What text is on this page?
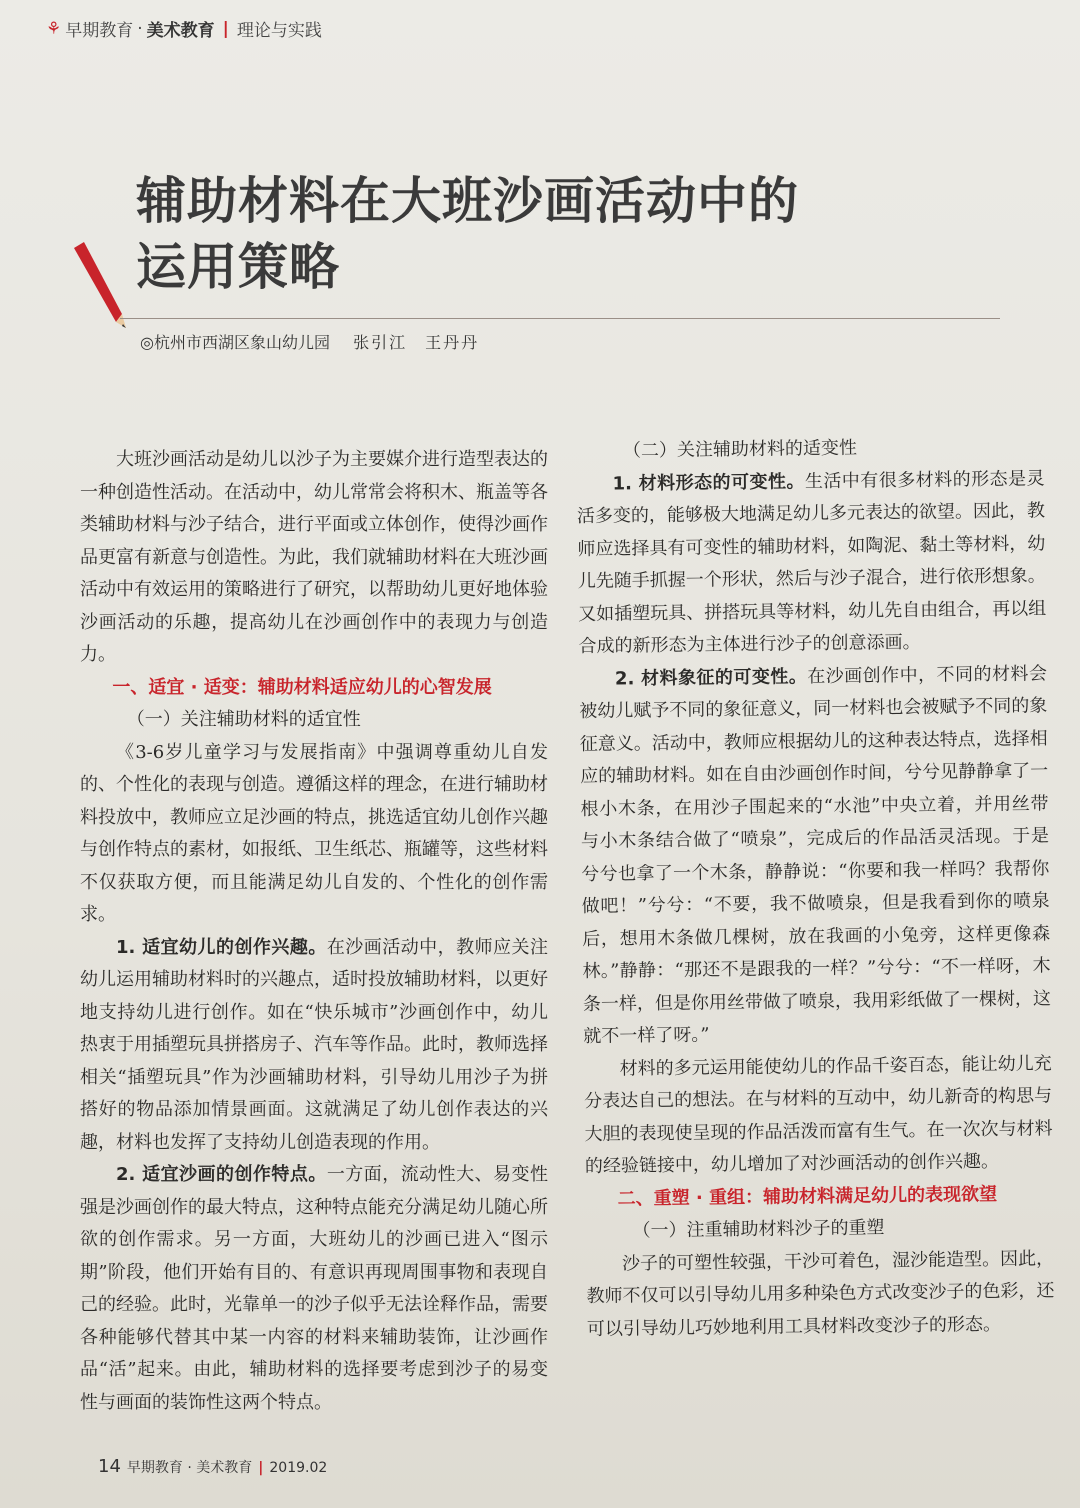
⚘ 早期教育 · 美术教育 | 理论与实践
辅助材料在大班沙画活动中的
运用策略
◎杭州市西湖区象山幼儿园 张引江　王丹丹

大班沙画活动是幼儿以沙子为主要媒介进行造型表达的一种创造性活动。在活动中，幼儿常常会将积木、瓶盖等各类辅助材料与沙子结合，进行平面或立体创作，使得沙画作品更富有新意与创造性。为此，我们就辅助材料在大班沙画活动中有效运用的策略进行了研究，以帮助幼儿更好地体验沙画活动的乐趣，提高幼儿在沙画创作中的表现力与创造力。

一、适宜 · 适变：辅助材料适应幼儿的心智发展
（一）关注辅助材料的适宜性

《3-6岁儿童学习与发展指南》中强调尊重幼儿自发的、个性化的表现与创造。遵循这样的理念，在进行辅助材料投放中，教师应立足沙画的特点，挑选适宜幼儿创作兴趣与创作特点的素材，如报纸、卫生纸芯、瓶罐等，这些材料不仅获取方便，而且能满足幼儿自发的、个性化的创作需求。

1. 适宜幼儿的创作兴趣。在沙画活动中，教师应关注幼儿运用辅助材料时的兴趣点，适时投放辅助材料，以更好地支持幼儿进行创作。如在“快乐城市”沙画创作中，幼儿热衷于用插塑玩具拼搭房子、汽车等作品。此时，教师选择相关“插塑玩具”作为沙画辅助材料，引导幼儿用沙子为拼搭好的物品添加情景画面。这就满足了幼儿创作表达的兴趣，材料也发挥了支持幼儿创造表现的作用。

2. 适宜沙画的创作特点。一方面，流动性大、易变性强是沙画创作的最大特点，这种特点能充分满足幼儿随心所欲的创作需求。另一方面，大班幼儿的沙画已进入“图示期”阶段，他们开始有目的、有意识再现周围事物和表现自己的经验。此时，光靠单一的沙子似乎无法诠释作品，需要各种能够代替其中某一内容的材料来辅助装饰，让沙画作品“活”起来。由此，辅助材料的选择要考虑到沙子的易变性与画面的装饰性这两个特点。

（二）关注辅助材料的适变性

1. 材料形态的可变性。生活中有很多材料的形态是灵活多变的，能够极大地满足幼儿多元表达的欲望。因此，教师应选择具有可变性的辅助材料，如陶泥、黏土等材料，幼儿先随手抓握一个形状，然后与沙子混合，进行依形想象。又如插塑玩具、拼搭玩具等材料，幼儿先自由组合，再以组合成的新形态为主体进行沙子的创意添画。

2. 材料象征的可变性。在沙画创作中，不同的材料会被幼儿赋予不同的象征意义，同一材料也会被赋予不同的象征意义。活动中，教师应根据幼儿的这种表达特点，选择相应的辅助材料。如在自由沙画创作时间，兮兮见静静拿了一根小木条，在用沙子围起来的“水池”中央立着，并用丝带与小木条结合做了“喷泉”，完成后的作品活灵活现。于是兮兮也拿了一个木条，静静说：“你要和我一样吗？我帮你做吧！”兮兮：“不要，我不做喷泉，但是我看到你的喷泉后，想用木条做几棵树，放在我画的小兔旁，这样更像森林。”静静：“那还不是跟我的一样？”兮兮：“不一样呀，木条一样，但是你用丝带做了喷泉，我用彩纸做了一棵树，这就不一样了呀。”

材料的多元运用能使幼儿的作品千姿百态，能让幼儿充分表达自己的想法。在与材料的互动中，幼儿新奇的构思与大胆的表现使呈现的作品活泼而富有生气。在一次次与材料的经验链接中，幼儿增加了对沙画活动的创作兴趣。

二、重塑 · 重组：辅助材料满足幼儿的表现欲望
（一）注重辅助材料沙子的重塑

沙子的可塑性较强，干沙可着色，湿沙能造型。因此，教师不仅可以引导幼儿用多种染色方式改变沙子的色彩，还可以引导幼儿巧妙地利用工具材料改变沙子的形态。

14 早期教育 · 美术教育 | 2019.02
